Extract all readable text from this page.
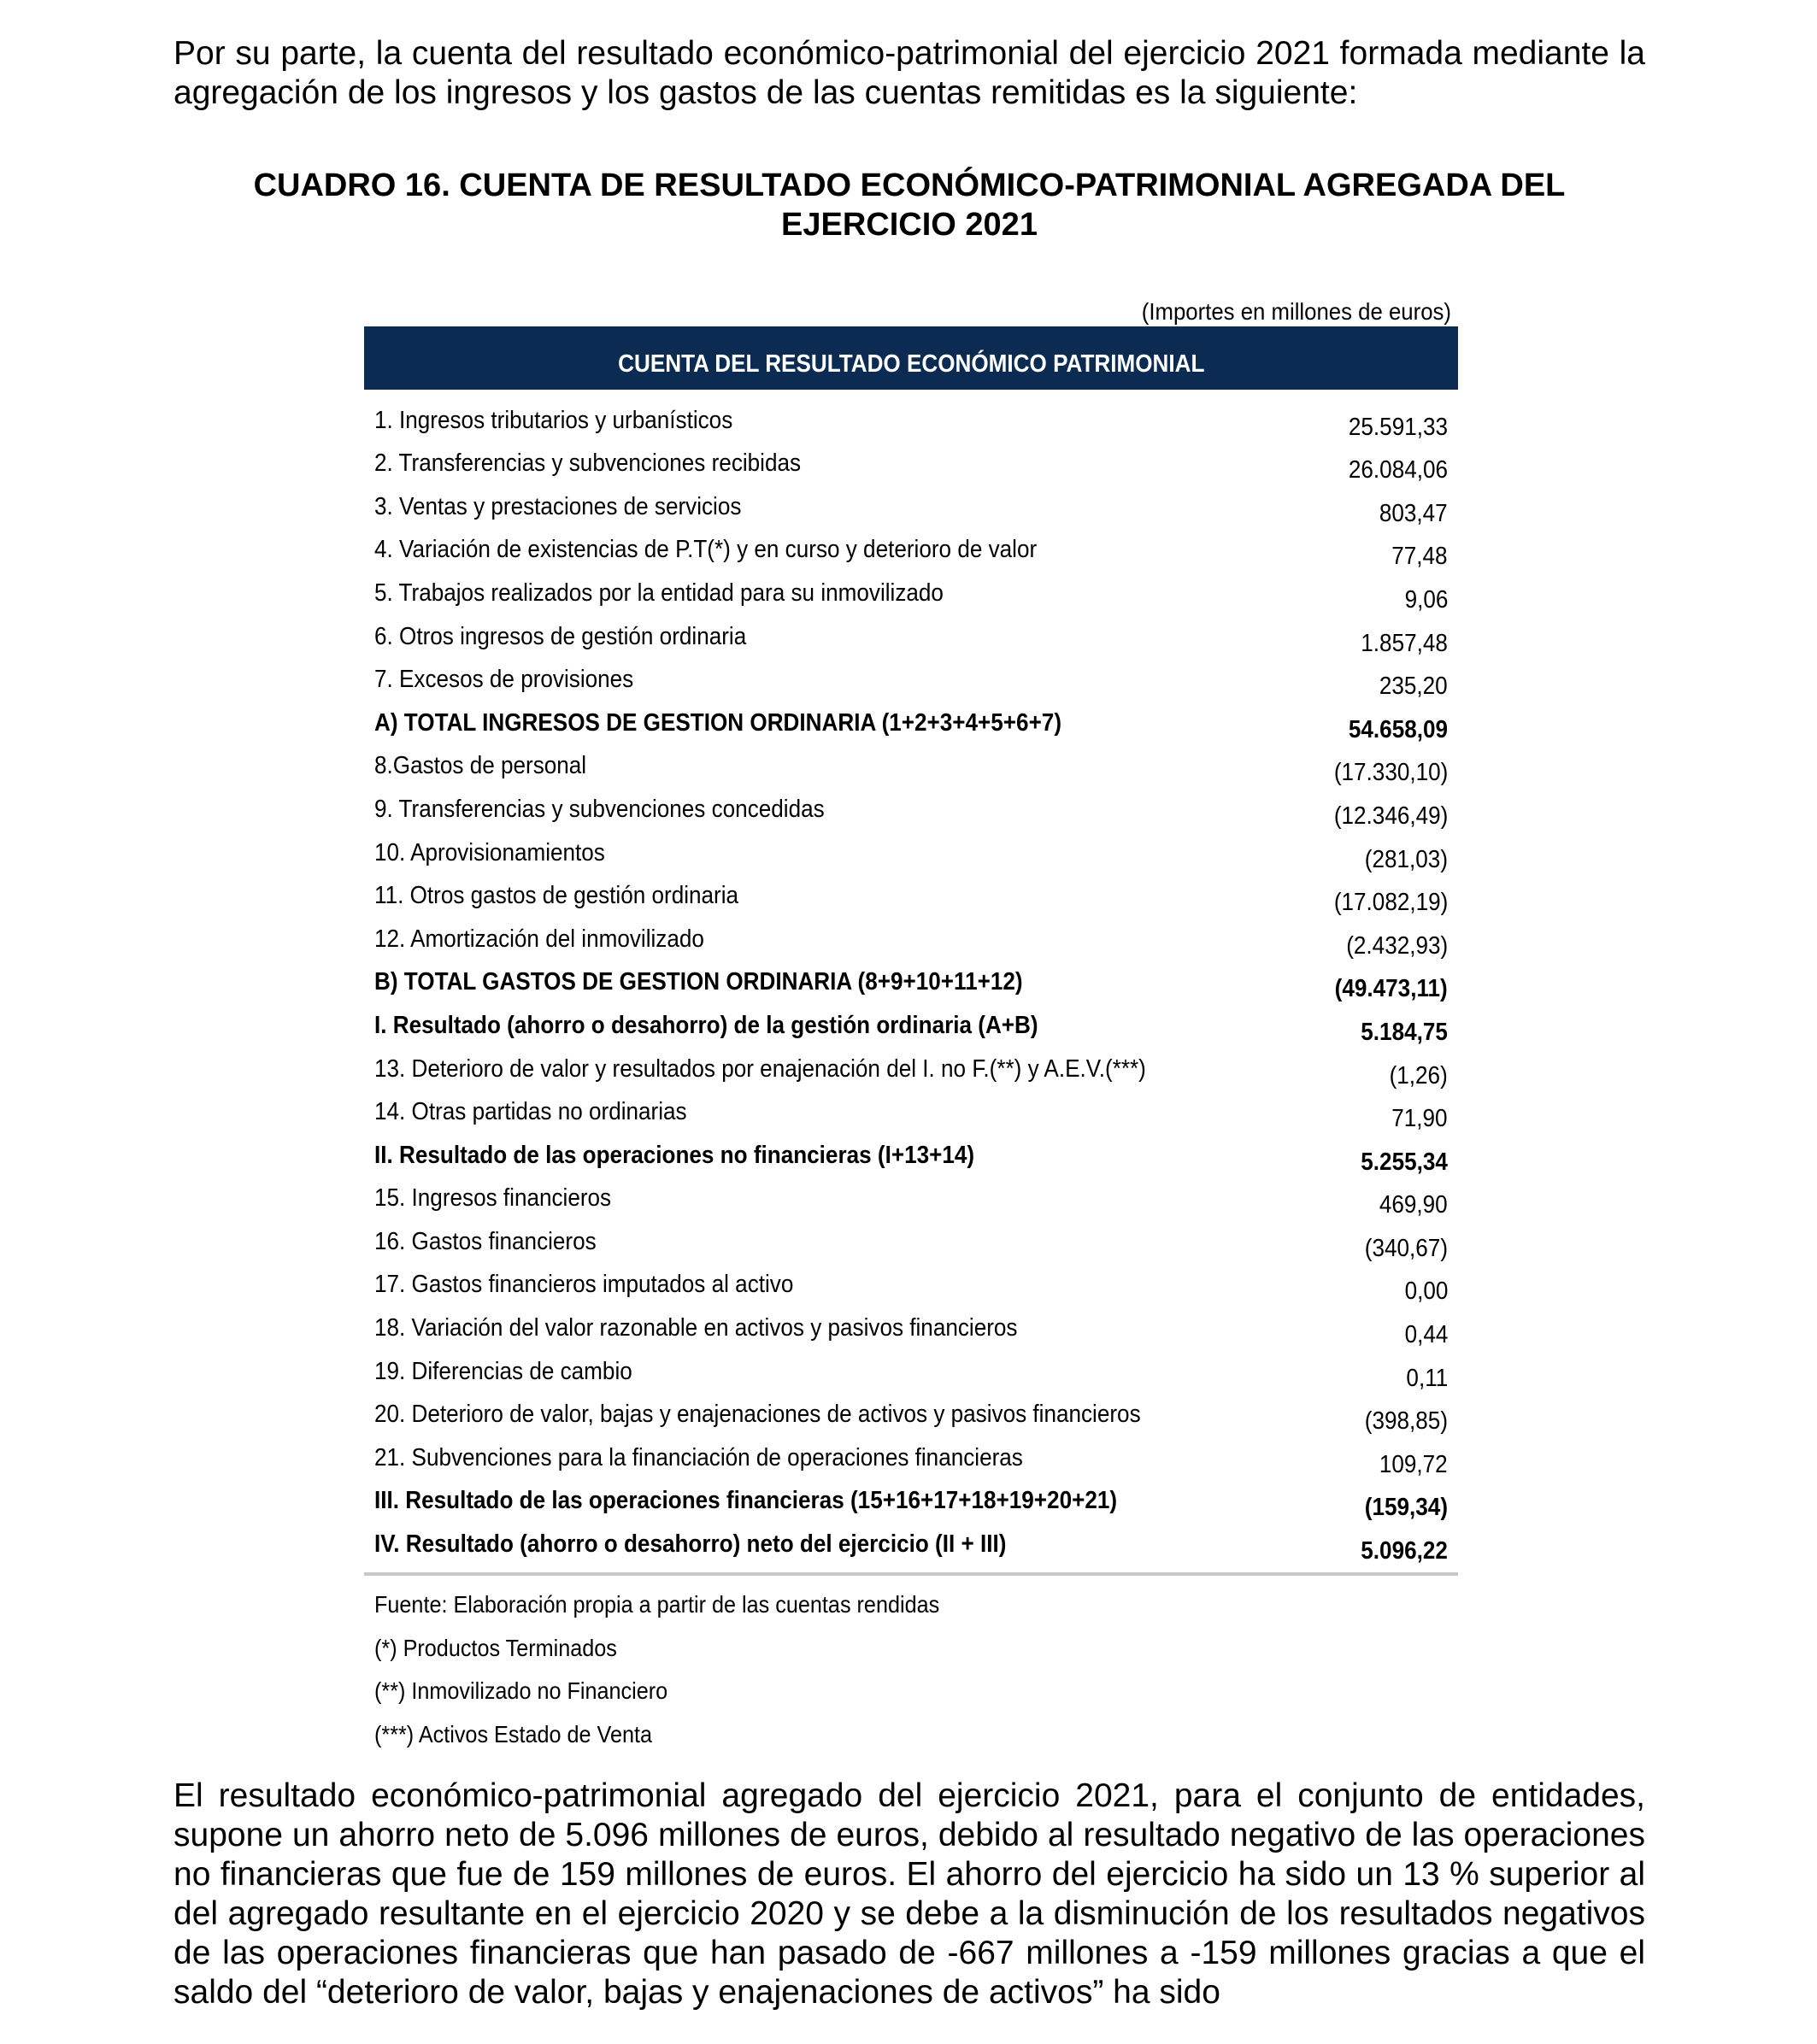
Por su parte, la cuenta del resultado económico-patrimonial del ejercicio 2021 formada mediante la agregación de los ingresos y los gastos de las cuentas remitidas es la siguiente:

CUADRO 16. CUENTA DE RESULTADO ECONÓMICO-PATRIMONIAL AGREGADA DEL
EJERCICIO 2021
(Importes en millones de euros)
CUENTA DEL RESULTADO ECONÓMICO PATRIMONIAL
1. Ingresos tributarios y urbanísticos	25.591,33
2. Transferencias y subvenciones recibidas	26.084,06
3. Ventas y prestaciones de servicios	803,47
4. Variación de existencias de P.T(*) y en curso y deterioro de valor	77,48
5. Trabajos realizados por la entidad para su inmovilizado	9,06
6. Otros ingresos de gestión ordinaria	1.857,48
7. Excesos de provisiones	235,20
A) TOTAL INGRESOS DE GESTION ORDINARIA (1+2+3+4+5+6+7)	54.658,09
8.Gastos de personal	(17.330,10)
9. Transferencias y subvenciones concedidas	(12.346,49)
10. Aprovisionamientos	(281,03)
11. Otros gastos de gestión ordinaria	(17.082,19)
12. Amortización del inmovilizado	(2.432,93)
B) TOTAL GASTOS DE GESTION ORDINARIA (8+9+10+11+12)	(49.473,11)
I. Resultado (ahorro o desahorro) de la gestión ordinaria (A+B)	5.184,75
13. Deterioro de valor y resultados por enajenación del I. no F.(**) y A.E.V.(***)	(1,26)
14. Otras partidas no ordinarias	71,90
II. Resultado de las operaciones no financieras (I+13+14)	5.255,34
15. Ingresos financieros	469,90
16. Gastos financieros	(340,67)
17. Gastos financieros imputados al activo	0,00
18. Variación del valor razonable en activos y pasivos financieros	0,44
19. Diferencias de cambio	0,11
20. Deterioro de valor, bajas y enajenaciones de activos y pasivos financieros	(398,85)
21. Subvenciones para la financiación de operaciones financieras	109,72
III. Resultado de las operaciones financieras (15+16+17+18+19+20+21)	(159,34)
IV. Resultado (ahorro o desahorro) neto del ejercicio (II + III)	5.096,22
Fuente: Elaboración propia a partir de las cuentas rendidas
(*) Productos Terminados
(**) Inmovilizado no Financiero
(***) Activos Estado de Venta

El resultado económico-patrimonial agregado del ejercicio 2021, para el conjunto de entidades, supone un ahorro neto de 5.096 millones de euros, debido al resultado negativo de las operaciones no financieras que fue de 159 millones de euros. El ahorro del ejercicio ha sido un 13 % superior al del agregado resultante en el ejercicio 2020 y se debe a la disminución de los resultados negativos de las operaciones financieras que han pasado de -667 millones a -159 millones gracias a que el saldo del “deterioro de valor, bajas y enajenaciones de activos” ha sido
